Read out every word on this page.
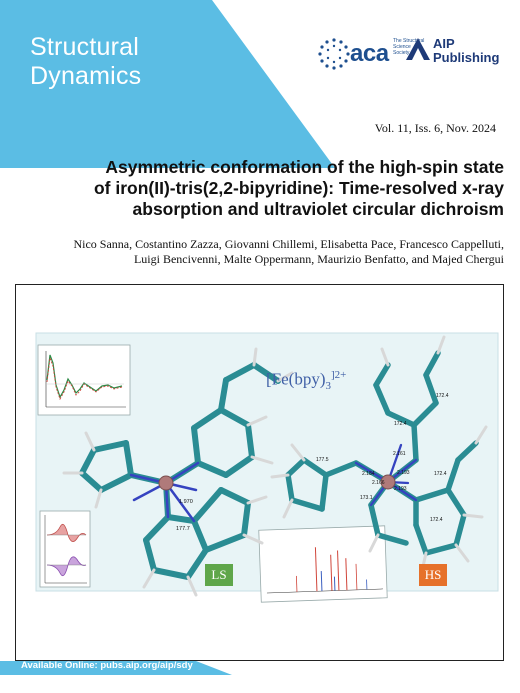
Structural
Dynamics
aca The Structural
Science
Society
AIP
Publishing
Vol. 11, Iss. 6, Nov. 2024
Asymmetric conformation of the high-spin state
of iron(II)-tris(2,2-bipyridine): Time-resolved x-ray
absorption and ultraviolet circular dichroism
Nico Sanna, Costantino Zazza, Giovanni Chillemi, Elisabetta Pace, Francesco Cappelluti,
Luigi Bencivenni, Malte Oppermann, Maurizio Benfatto, and Majed Chergui
1.970
177.7
177.5
172.4
172.4
172.4
172.4
173.1
2.161
2.184	2.193
2.193
2.166
[$Fe(bpy)_3^{]2+}$
LS	HS
Available Online: pubs.aip.org/aip/sdy
